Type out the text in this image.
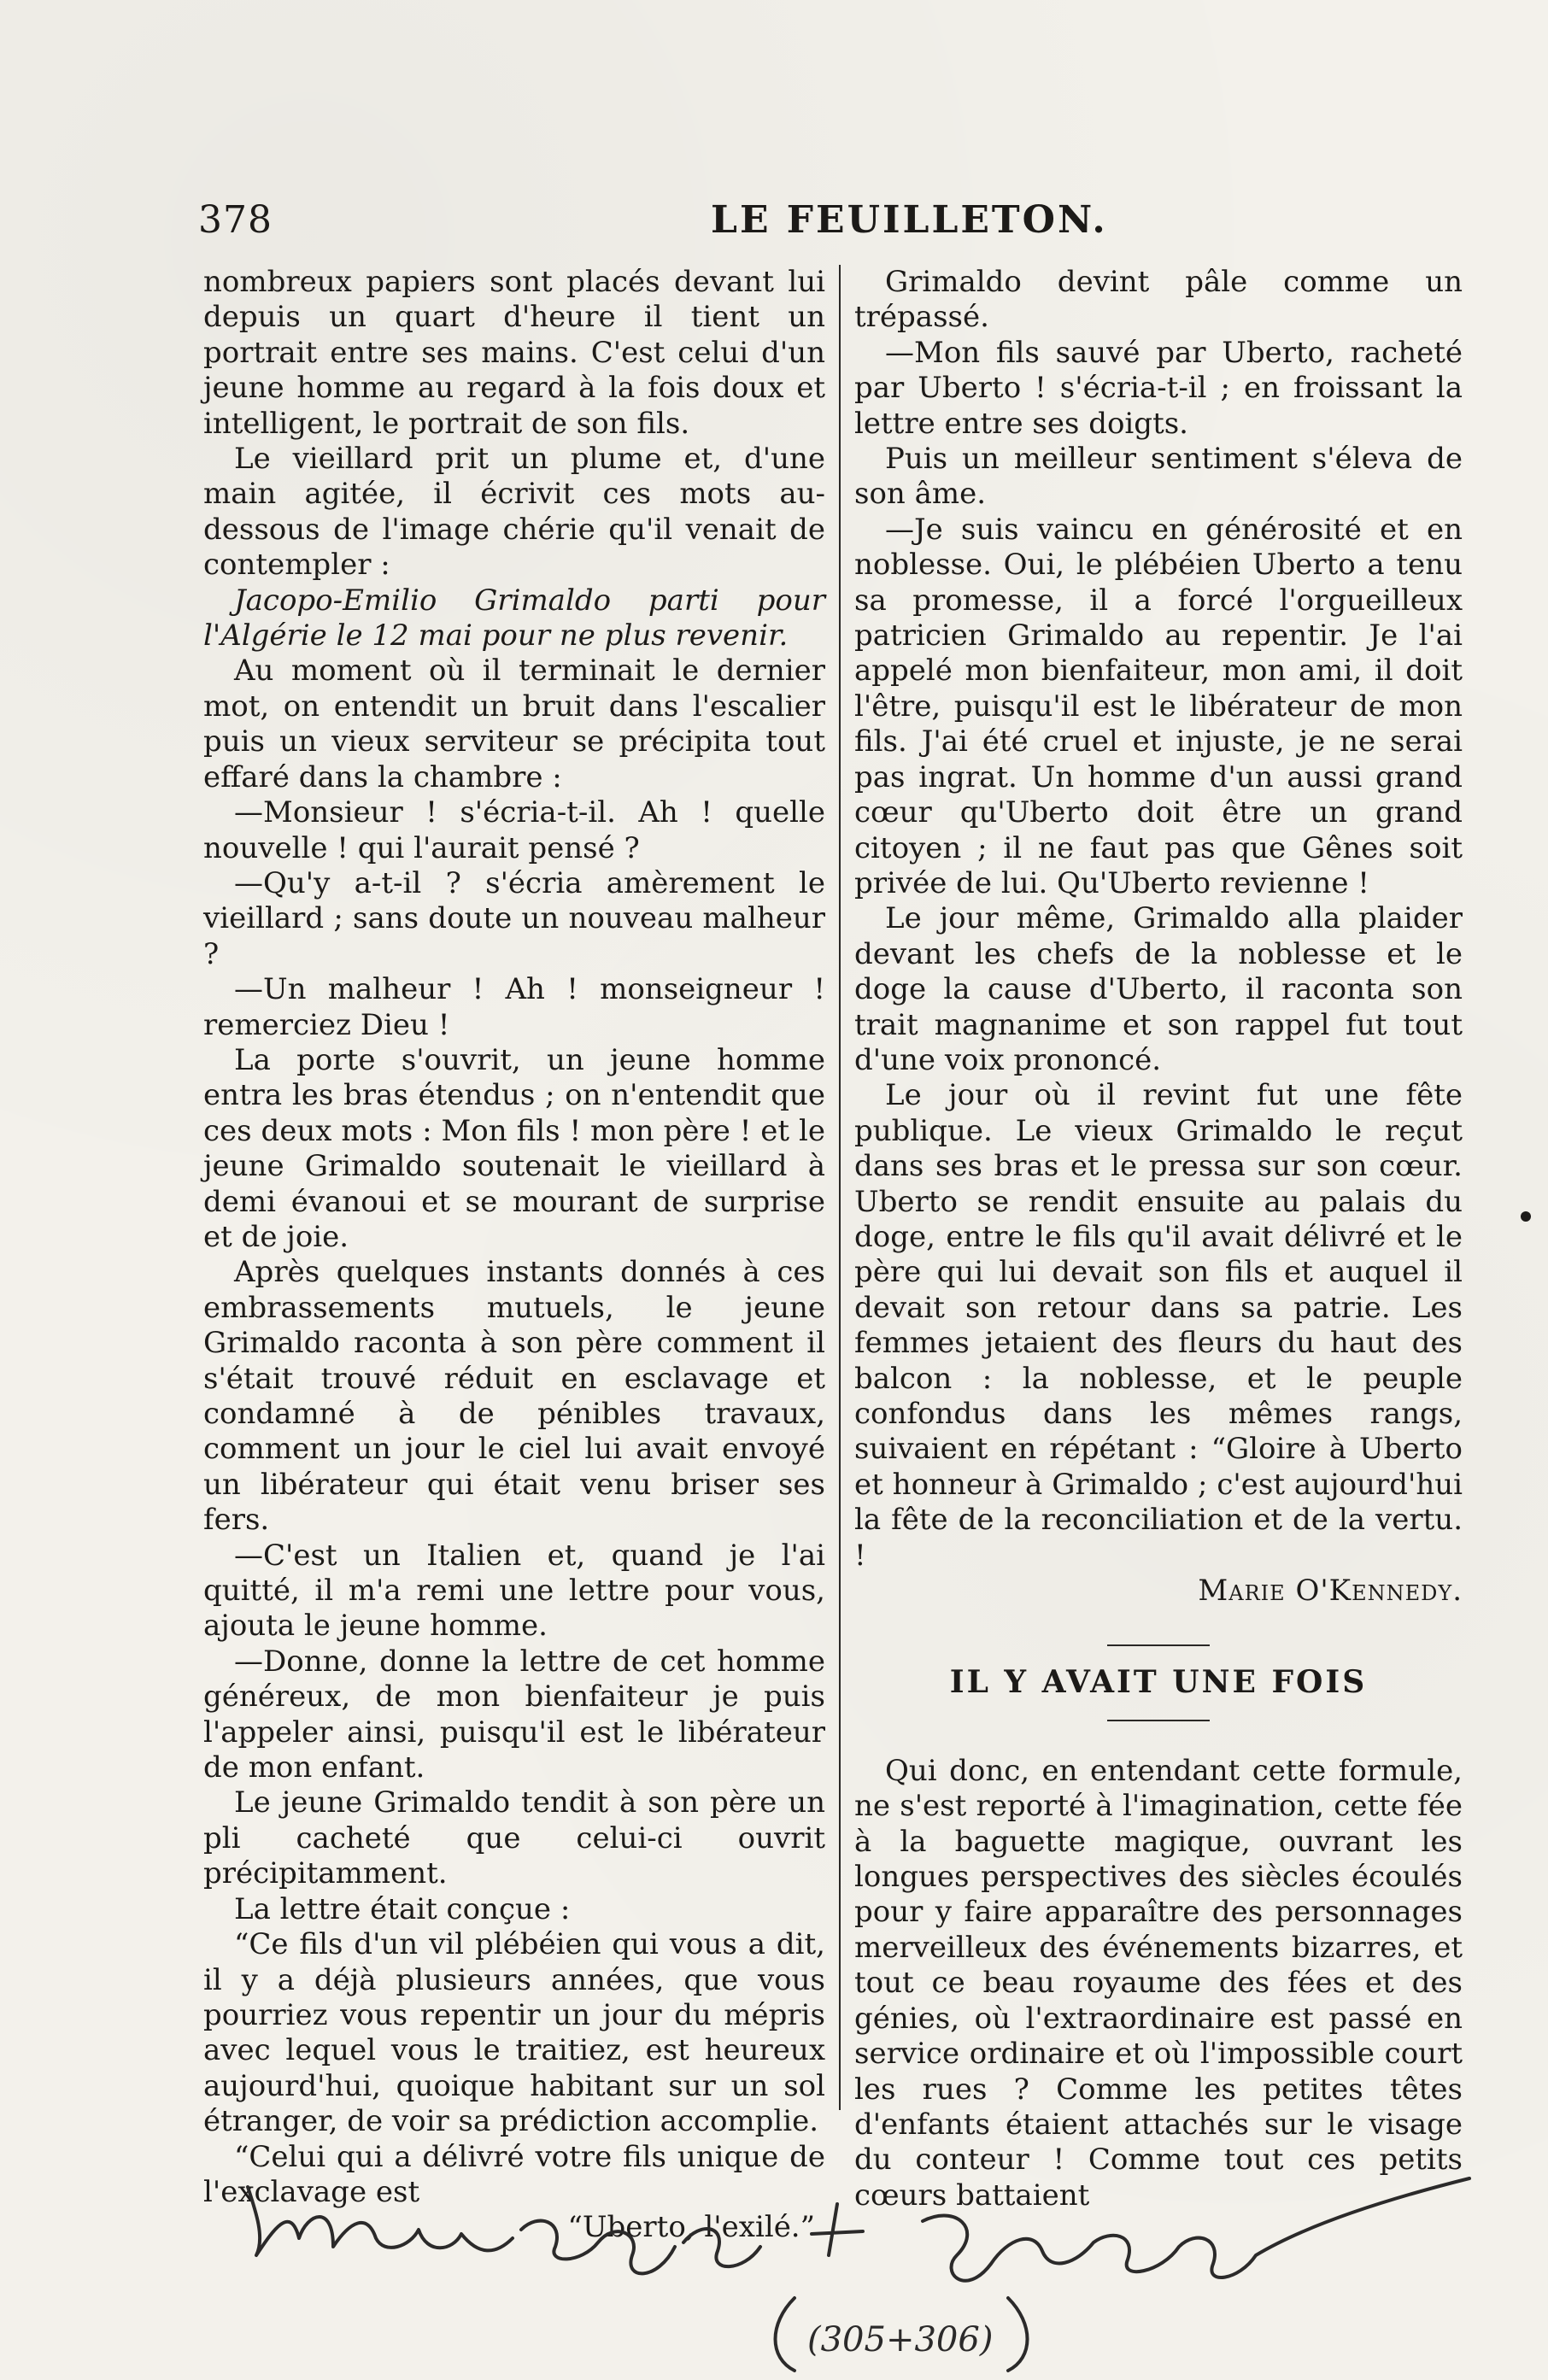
378	LE FEUILLETON.

nombreux papiers sont placés devant lui depuis un quart d'heure il tient un portrait entre ses mains. C'est celui d'un jeune homme au regard à la fois doux et intelligent, le portrait de son fils.

Le vieillard prit un plume et, d'une main agitée, il écrivit ces mots au-dessous de l'image chérie qu'il venait de contempler :

Jacopo-Emilio Grimaldo parti pour l'Algérie le 12 mai pour ne plus revenir.

Au moment où il terminait le dernier mot, on entendit un bruit dans l'escalier puis un vieux serviteur se précipita tout effaré dans la chambre :

—Monsieur ! s'écria-t-il. Ah ! quelle nouvelle ! qui l'aurait pensé ?

—Qu'y a-t-il ? s'écria amèrement le vieillard ; sans doute un nouveau malheur ?

—Un malheur ! Ah ! monseigneur ! remerciez Dieu !

La porte s'ouvrit, un jeune homme entra les bras étendus ; on n'entendit que ces deux mots : Mon fils ! mon père ! et le jeune Grimaldo soutenait le vieillard à demi évanoui et se mourant de surprise et de joie.

Après quelques instants donnés à ces embrassements mutuels, le jeune Grimaldo raconta à son père comment il s'était trouvé réduit en esclavage et condamné à de pénibles travaux, comment un jour le ciel lui avait envoyé un libérateur qui était venu briser ses fers.

—C'est un Italien et, quand je l'ai quitté, il m'a remi une lettre pour vous, ajouta le jeune homme.

—Donne, donne la lettre de cet homme généreux, de mon bienfaiteur je puis l'appeler ainsi, puisqu'il est le libérateur de mon enfant.

Le jeune Grimaldo tendit à son père un pli cacheté que celui-ci ouvrit précipitamment.

La lettre était conçue :

“Ce fils d'un vil plébéien qui vous a dit, il y a déjà plusieurs années, que vous pourriez vous repentir un jour du mépris avec lequel vous le traitiez, est heureux aujourd'hui, quoique habitant sur un sol étranger, de voir sa prédiction accomplie.

“Celui qui a délivré votre fils unique de l'exclavage est

“Uberto, l'exilé.”

Grimaldo devint pâle comme un trépassé.

—Mon fils sauvé par Uberto, racheté par Uberto ! s'écria-t-il ; en froissant la lettre entre ses doigts.

Puis un meilleur sentiment s'éleva de son âme.

—Je suis vaincu en générosité et en noblesse. Oui, le plébéien Uberto a tenu sa promesse, il a forcé l'orgueilleux patricien Grimaldo au repentir. Je l'ai appelé mon bienfaiteur, mon ami, il doit l'être, puisqu'il est le libérateur de mon fils. J'ai été cruel et injuste, je ne serai pas ingrat. Un homme d'un aussi grand cœur qu'Uberto doit être un grand citoyen ; il ne faut pas que Gênes soit privée de lui. Qu'Uberto revienne !

Le jour même, Grimaldo alla plaider devant les chefs de la noblesse et le doge la cause d'Uberto, il raconta son trait magnanime et son rappel fut tout d'une voix prononcé.

Le jour où il revint fut une fête publique. Le vieux Grimaldo le reçut dans ses bras et le pressa sur son cœur. Uberto se rendit ensuite au palais du doge, entre le fils qu'il avait délivré et le père qui lui devait son fils et auquel il devait son retour dans sa patrie. Les femmes jetaient des fleurs du haut des balcon : la noblesse, et le peuple confondus dans les mêmes rangs, suivaient en répétant : “Gloire à Uberto et honneur à Grimaldo ; c'est aujourd'hui la fête de la reconciliation et de la vertu. !

Marie O'Kennedy.

IL Y AVAIT UNE FOIS

Qui donc, en entendant cette formule, ne s'est reporté à l'imagination, cette fée à la baguette magique, ouvrant les longues perspectives des siècles écoulés pour y faire apparaître des personnages merveilleux des événements bizarres, et tout ce beau royaume des fées et des génies, où l'extraordinaire est passé en service ordinaire et où l'impossible court les rues ? Comme les petites têtes d'enfants étaient attachés sur le visage du conteur ! Comme tout ces petits cœurs battaient

(305+306)
